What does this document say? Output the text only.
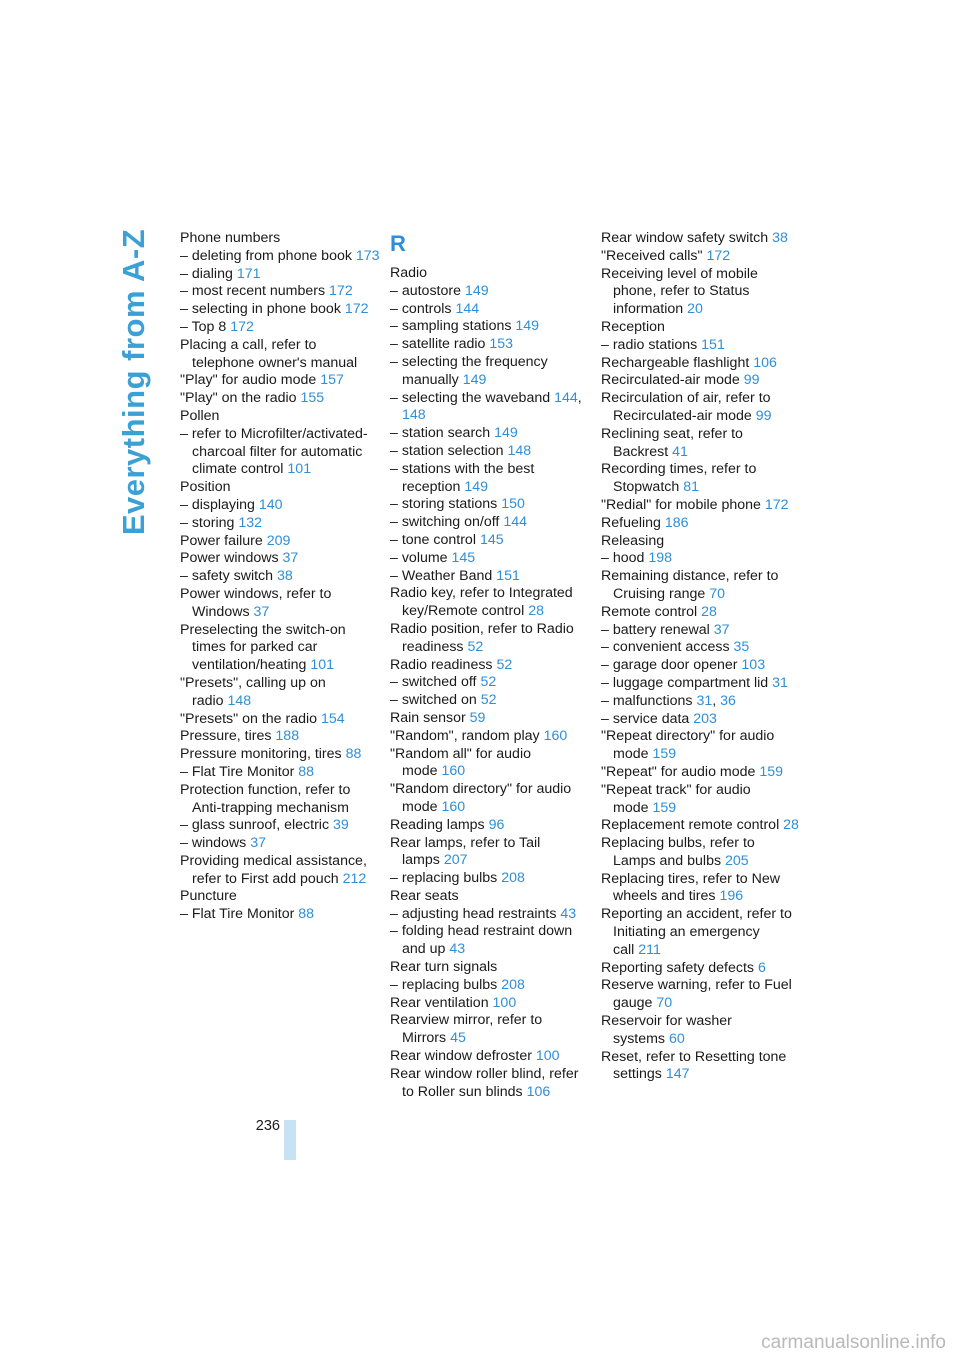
Everything from A-Z Phone numbers
– deleting from phone book 173
– dialing 171
– most recent numbers 172
– selecting in phone book 172
– Top 8 172
Placing a call, refer to telephone owner's manual
"Play" for audio mode 157
"Play" on the radio 155
Pollen
– refer to Microfilter/activated-charcoal filter for automatic climate control 101
Position
– displaying 140
– storing 132
Power failure 209
Power windows 37
– safety switch 38
Power windows, refer to Windows 37
Preselecting the switch-on times for parked car ventilation/heating 101
"Presets", calling up on radio 148
"Presets" on the radio 154
Pressure, tires 188
Pressure monitoring, tires 88
– Flat Tire Monitor 88
Protection function, refer to Anti-trapping mechanism
– glass sunroof, electric 39
– windows 37
Providing medical assistance, refer to First add pouch 212
Puncture
– Flat Tire Monitor 88
R
Radio
– autostore 149
– controls 144
– sampling stations 149
– satellite radio 153
– selecting the frequency manually 149
– selecting the waveband 144, 148
– station search 149
– station selection 148
– stations with the best reception 149
– storing stations 150
– switching on/off 144
– tone control 145
– volume 145
– Weather Band 151
Radio key, refer to Integrated key/Remote control 28
Radio position, refer to Radio readiness 52
Radio readiness 52
– switched off 52
– switched on 52
Rain sensor 59
"Random", random play 160
"Random all" for audio mode 160
"Random directory" for audio mode 160
Reading lamps 96
Rear lamps, refer to Tail lamps 207
– replacing bulbs 208
Rear seats
– adjusting head restraints 43
– folding head restraint down and up 43
Rear turn signals
– replacing bulbs 208
Rear ventilation 100
Rearview mirror, refer to Mirrors 45
Rear window defroster 100
Rear window roller blind, refer to Roller sun blinds 106
Rear window safety switch 38
"Received calls" 172
Receiving level of mobile phone, refer to Status information 20
Reception
– radio stations 151
Rechargeable flashlight 106
Recirculated-air mode 99
Recirculation of air, refer to Recirculated-air mode 99
Reclining seat, refer to Backrest 41
Recording times, refer to Stopwatch 81
"Redial" for mobile phone 172
Refueling 186
Releasing
– hood 198
Remaining distance, refer to Cruising range 70
Remote control 28
– battery renewal 37
– convenient access 35
– garage door opener 103
– luggage compartment lid 31
– malfunctions 31, 36
– service data 203
"Repeat directory" for audio mode 159
"Repeat" for audio mode 159
"Repeat track" for audio mode 159
Replacement remote control 28
Replacing bulbs, refer to Lamps and bulbs 205
Replacing tires, refer to New wheels and tires 196
Reporting an accident, refer to Initiating an emergency call 211
Reporting safety defects 6
Reserve warning, refer to Fuel gauge 70
Reservoir for washer systems 60
Reset, refer to Resetting tone settings 147
236
carmanualsonline.info
